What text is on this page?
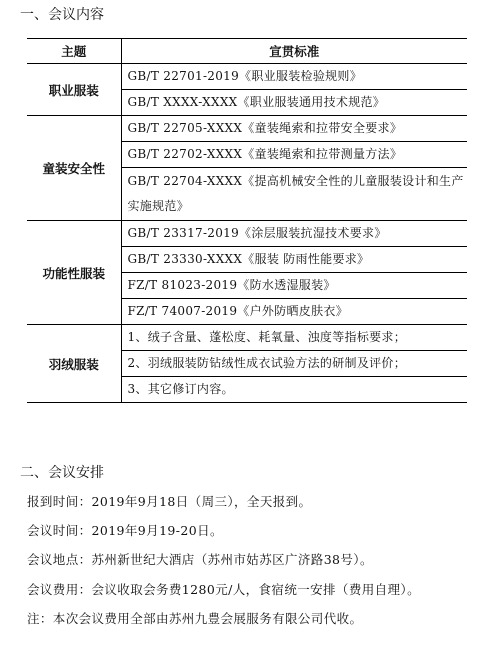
一、会议内容
主题	宣贯标准
职业服装	GB/T 22701-2019《职业服装检验规则》
	GB/T XXXX-XXXX《职业服装通用技术规范》
童装安全性	GB/T 22705-XXXX《童装绳索和拉带安全要求》
	GB/T 22702-XXXX《童装绳索和拉带测量方法》
	GB/T 22704-XXXX《提高机械安全性的儿童服装设计和生产实施规范》
功能性服装	GB/T 23317-2019《涂层服装抗湿技术要求》
	GB/T 23330-XXXX《服装 防雨性能要求》
	FZ/T 81023-2019《防水透湿服装》
	FZ/T 74007-2019《户外防晒皮肤衣》
羽绒服装	1、绒子含量、蓬松度、耗氧量、浊度等指标要求；
	2、羽绒服装防钻绒性成衣试验方法的研制及评价；
	3、其它修订内容。
二、会议安排
报到时间：2019年9月18日（周三），全天报到。
会议时间：2019年9月19-20日。
会议地点：苏州新世纪大酒店（苏州市姑苏区广济路38号）。
会议费用：会议收取会务费1280元/人，食宿统一安排（费用自理）。
注：本次会议费用全部由苏州九豊会展服务有限公司代收。
